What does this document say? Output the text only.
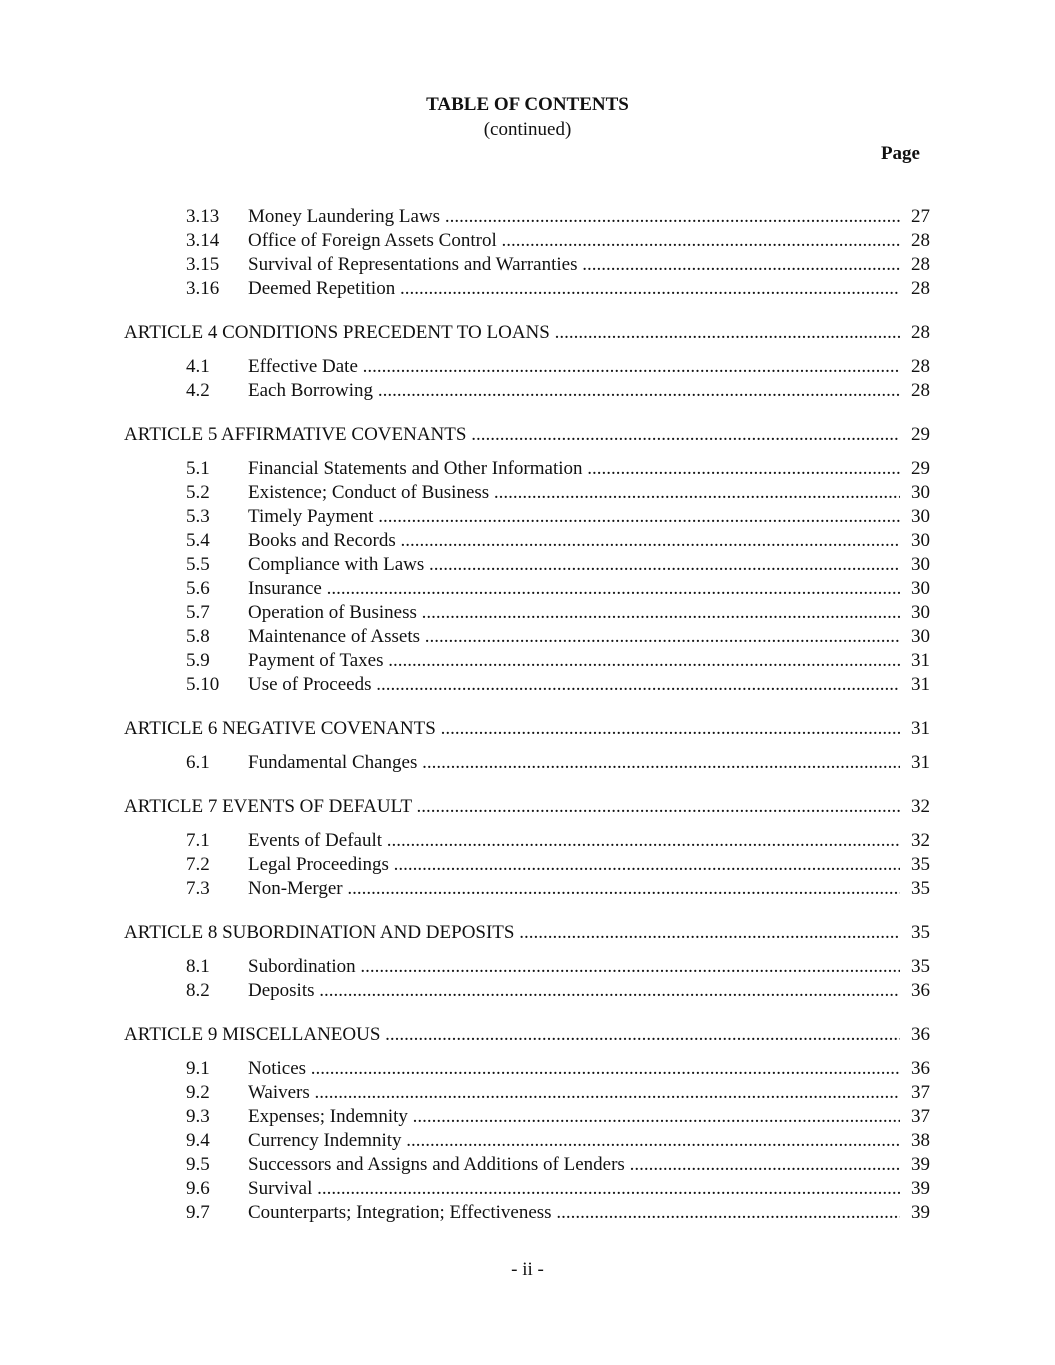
TABLE OF CONTENTS
(continued)
Page
3.13	Money Laundering Laws .....	27
3.14	Office of Foreign Assets Control .....	28
3.15	Survival of Representations and Warranties .....	28
3.16	Deemed Repetition .....	28
ARTICLE 4 CONDITIONS PRECEDENT TO LOANS .....	28
4.1	Effective Date .....	28
4.2	Each Borrowing .....	28
ARTICLE 5 AFFIRMATIVE COVENANTS .....	29
5.1	Financial Statements and Other Information .....	29
5.2	Existence; Conduct of Business .....	30
5.3	Timely Payment .....	30
5.4	Books and Records .....	30
5.5	Compliance with Laws .....	30
5.6	Insurance .....	30
5.7	Operation of Business .....	30
5.8	Maintenance of Assets .....	30
5.9	Payment of Taxes .....	31
5.10	Use of Proceeds .....	31
ARTICLE 6 NEGATIVE COVENANTS .....	31
6.1	Fundamental Changes .....	31
ARTICLE 7 EVENTS OF DEFAULT .....	32
7.1	Events of Default .....	32
7.2	Legal Proceedings .....	35
7.3	Non-Merger .....	35
ARTICLE 8 SUBORDINATION AND DEPOSITS .....	35
8.1	Subordination .....	35
8.2	Deposits .....	36
ARTICLE 9 MISCELLANEOUS .....	36
9.1	Notices .....	36
9.2	Waivers .....	37
9.3	Expenses; Indemnity .....	37
9.4	Currency Indemnity .....	38
9.5	Successors and Assigns and Additions of Lenders .....	39
9.6	Survival .....	39
9.7	Counterparts; Integration; Effectiveness .....	39
- ii -
